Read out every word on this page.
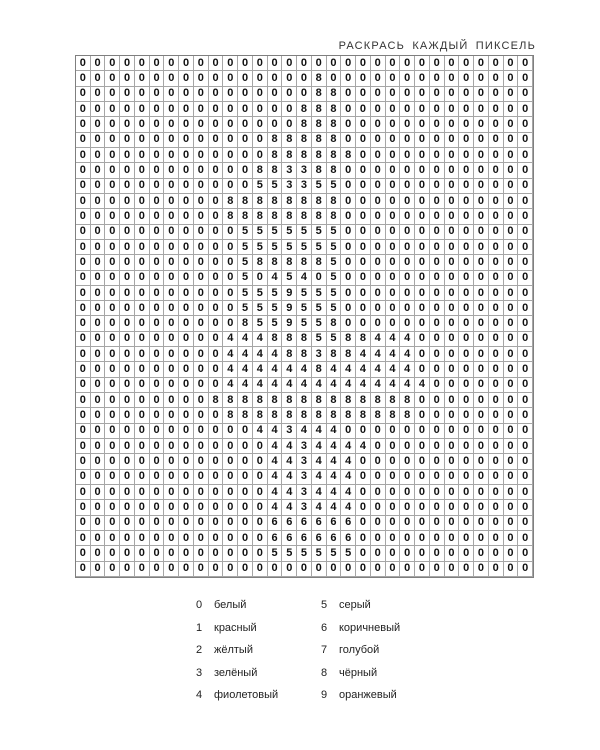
РАСКРАСЬ КАЖДЫЙ ПИКСЕЛЬ
0 0 0 0 0 0 0 0 0 0 0 0 0 0 0 0 0 0 0 0 0 0 0 0 0 0 0 0 0 0 0
0 0 0 0 0 0 0 0 0 0 0 0 0 0 0 0 8 0 0 0 0 0 0 0 0 0 0 0 0 0 0
0 0 0 0 0 0 0 0 0 0 0 0 0 0 0 0 8 8 0 0 0 0 0 0 0 0 0 0 0 0 0
0 0 0 0 0 0 0 0 0 0 0 0 0 0 0 8 8 8 0 0 0 0 0 0 0 0 0 0 0 0 0
0 0 0 0 0 0 0 0 0 0 0 0 0 0 0 8 8 8 0 0 0 0 0 0 0 0 0 0 0 0 0
0 0 0 0 0 0 0 0 0 0 0 0 0 8 8 8 8 8 0 0 0 0 0 0 0 0 0 0 0 0 0
0 0 0 0 0 0 0 0 0 0 0 0 0 8 8 8 8 8 8 0 0 0 0 0 0 0 0 0 0 0 0
0 0 0 0 0 0 0 0 0 0 0 0 8 8 3 3 8 8 0 0 0 0 0 0 0 0 0 0 0 0 0
0 0 0 0 0 0 0 0 0 0 0 0 5 5 3 3 5 5 0 0 0 0 0 0 0 0 0 0 0 0 0
0 0 0 0 0 0 0 0 0 0 8 8 8 8 8 8 8 8 0 0 0 0 0 0 0 0 0 0 0 0 0
0 0 0 0 0 0 0 0 0 0 8 8 8 8 8 8 8 8 0 0 0 0 0 0 0 0 0 0 0 0 0
0 0 0 0 0 0 0 0 0 0 0 5 5 5 5 5 5 5 0 0 0 0 0 0 0 0 0 0 0 0 0
0 0 0 0 0 0 0 0 0 0 0 5 5 5 5 5 5 5 0 0 0 0 0 0 0 0 0 0 0 0 0
0 0 0 0 0 0 0 0 0 0 0 5 8 8 8 8 8 5 0 0 0 0 0 0 0 0 0 0 0 0 0
0 0 0 0 0 0 0 0 0 0 0 5 0 4 5 4 0 5 0 0 0 0 0 0 0 0 0 0 0 0 0
0 0 0 0 0 0 0 0 0 0 0 5 5 5 9 5 5 5 0 0 0 0 0 0 0 0 0 0 0 0 0
0 0 0 0 0 0 0 0 0 0 0 5 5 5 9 5 5 5 0 0 0 0 0 0 0 0 0 0 0 0 0
0 0 0 0 0 0 0 0 0 0 0 8 5 5 9 5 5 8 0 0 0 0 0 0 0 0 0 0 0 0 0
0 0 0 0 0 0 0 0 0 0 4 4 4 8 8 8 5 5 8 8 4 4 4 0 0 0 0 0 0 0 0
0 0 0 0 0 0 0 0 0 0 4 4 4 4 8 8 3 8 8 4 4 4 4 0 0 0 0 0 0 0 0
0 0 0 0 0 0 0 0 0 0 4 4 4 4 4 4 8 4 4 4 4 4 4 0 0 0 0 0 0 0 0
0 0 0 0 0 0 0 0 0 0 4 4 4 4 4 4 4 4 4 4 4 4 4 4 0 0 0 0 0 0 0
0 0 0 0 0 0 0 0 0 8 8 8 8 8 8 8 8 8 8 8 8 8 8 0 0 0 0 0 0 0 0
0 0 0 0 0 0 0 0 0 0 8 8 8 8 8 8 8 8 8 8 8 8 8 0 0 0 0 0 0 0 0
0 0 0 0 0 0 0 0 0 0 0 0 4 4 3 4 4 4 0 0 0 0 0 0 0 0 0 0 0 0 0
0 0 0 0 0 0 0 0 0 0 0 0 0 4 4 3 4 4 4 4 0 0 0 0 0 0 0 0 0 0 0
0 0 0 0 0 0 0 0 0 0 0 0 0 4 4 3 4 4 4 0 0 0 0 0 0 0 0 0 0 0 0
0 0 0 0 0 0 0 0 0 0 0 0 0 4 4 3 4 4 4 0 0 0 0 0 0 0 0 0 0 0 0
0 0 0 0 0 0 0 0 0 0 0 0 0 4 4 3 4 4 4 0 0 0 0 0 0 0 0 0 0 0 0
0 0 0 0 0 0 0 0 0 0 0 0 0 4 4 3 4 4 4 0 0 0 0 0 0 0 0 0 0 0 0
0 0 0 0 0 0 0 0 0 0 0 0 0 6 6 6 6 6 6 0 0 0 0 0 0 0 0 0 0 0 0
0 0 0 0 0 0 0 0 0 0 0 0 0 6 6 6 6 6 6 0 0 0 0 0 0 0 0 0 0 0 0
0 0 0 0 0 0 0 0 0 0 0 0 0 5 5 5 5 5 5 0 0 0 0 0 0 0 0 0 0 0 0
0 0 0 0 0 0 0 0 0 0 0 0 0 0 0 0 0 0 0 0 0 0 0 0 0 0 0 0 0 0 0
0	белый	5	серый
1	красный	6	коричневый
2	жёлтый	7	голубой
3	зелёный	8	чёрный
4	фиолетовый	9	оранжевый
